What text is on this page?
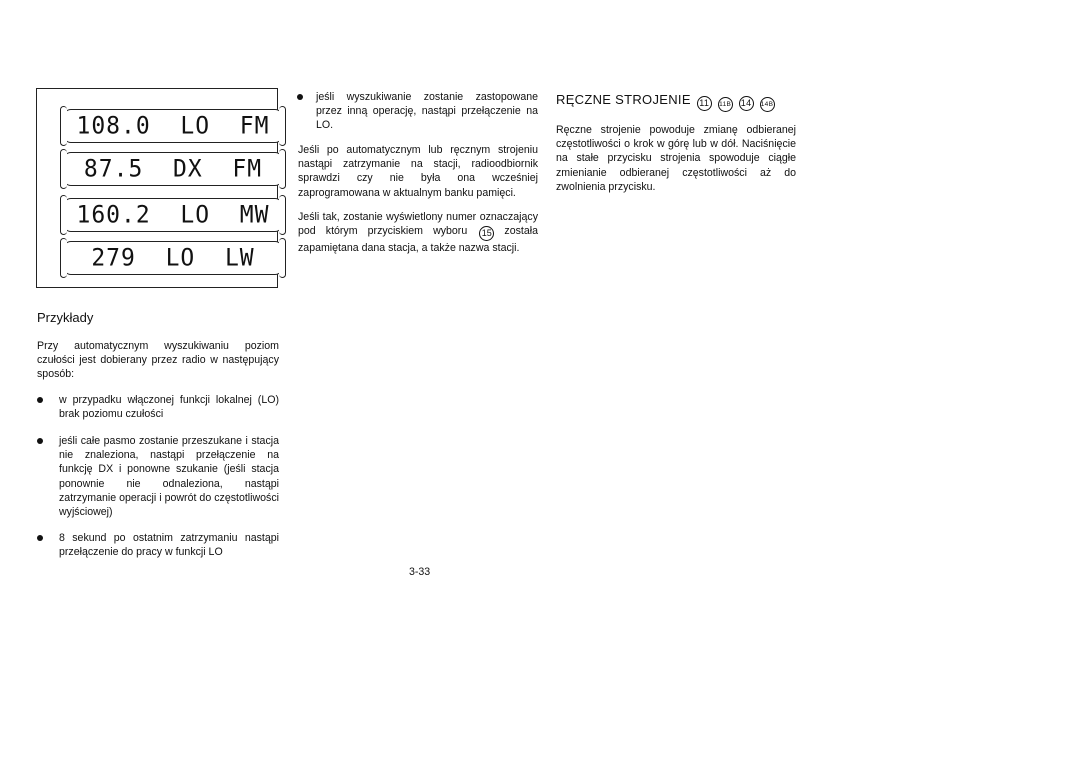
108.0  LO  FM
87.5  DX  FM
160.2  LO  MW
279  LO  LW
Przykłady
Przy automatycznym wyszukiwaniu poziom czułości jest dobierany przez radio w następujący sposób:
w przypadku włączonej funkcji lokalnej (LO) brak poziomu czułości
jeśli całe pasmo zostanie przeszukane i stacja nie znaleziona, nastąpi przełączenie na funkcję DX i ponowne szukanie (jeśli stacja ponownie nie odnaleziona, nastąpi zatrzymanie operacji i powrót do częstotliwości wyjściowej)
8 sekund po ostatnim zatrzymaniu nastąpi przełączenie do pracy w funkcji LO
jeśli wyszukiwanie zostanie zastopowane przez inną operację, nastąpi przełączenie na LO.
Jeśli po automatycznym lub ręcznym strojeniu nastąpi zatrzymanie na stacji, radioodbiornik sprawdzi czy nie była ona wcześniej zaprogramowana w aktualnym banku pamięci.
Jeśli tak, zostanie wyświetlony numer oznaczający pod którym przyciskiem wyboru 15 została zapamiętana dana stacja, a także nazwa stacji.
RĘCZNE STROJENIE 11 11B 14 14B
Ręczne strojenie powoduje zmianę odbieranej częstotliwości o krok w górę lub w dół. Naciśnięcie na stałe przycisku strojenia spowoduje ciągłe zmienianie odbieranej częstotliwości aż do zwolnienia przycisku.
3-33
